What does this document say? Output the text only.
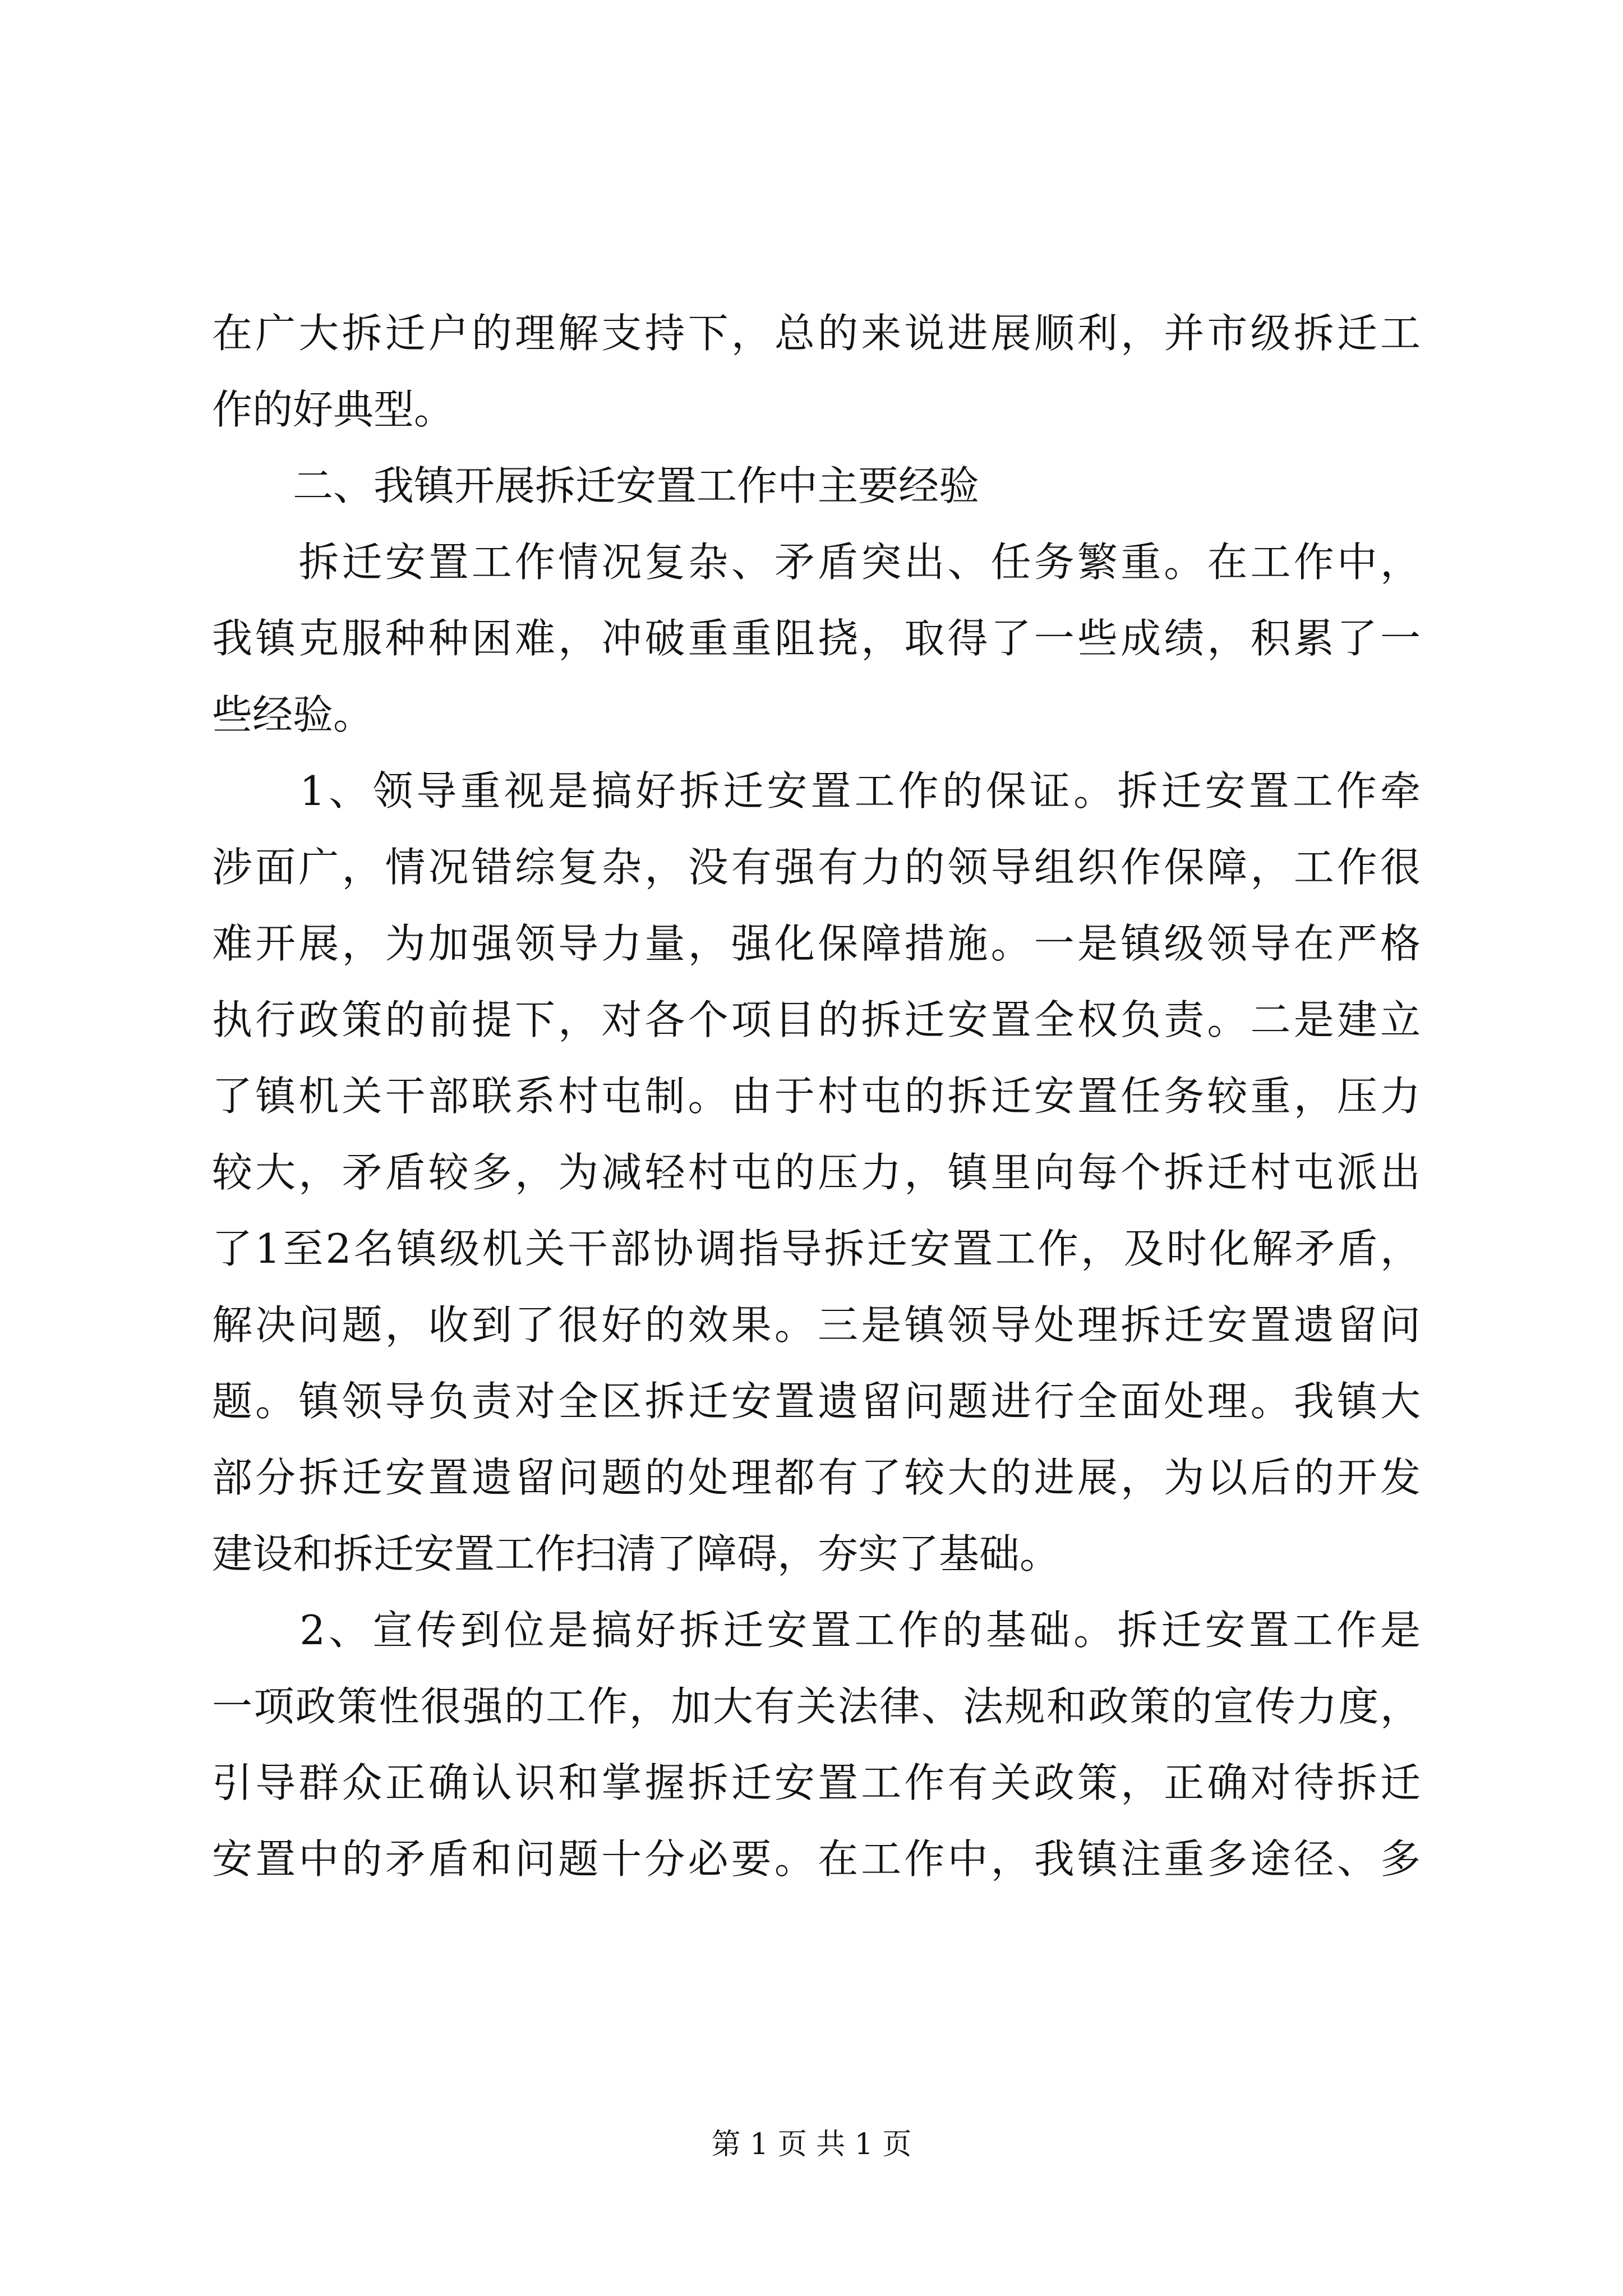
在广大拆迁户的理解支持下，总的来说进展顺利，并市级拆迁工
作的好典型。
　　二、我镇开展拆迁安置工作中主要经验
　　拆迁安置工作情况复杂、矛盾突出、任务繁重。在工作中，
我镇克服种种困难，冲破重重阻挠，取得了一些成绩，积累了一
些经验。
　　1、领导重视是搞好拆迁安置工作的保证。拆迁安置工作牵
涉面广，情况错综复杂，没有强有力的领导组织作保障，工作很
难开展，为加强领导力量，强化保障措施。一是镇级领导在严格
执行政策的前提下，对各个项目的拆迁安置全权负责。二是建立
了镇机关干部联系村屯制。由于村屯的拆迁安置任务较重，压力
较大，矛盾较多，为减轻村屯的压力，镇里向每个拆迁村屯派出
了1至2名镇级机关干部协调指导拆迁安置工作，及时化解矛盾，
解决问题，收到了很好的效果。三是镇领导处理拆迁安置遗留问
题。镇领导负责对全区拆迁安置遗留问题进行全面处理。我镇大
部分拆迁安置遗留问题的处理都有了较大的进展，为以后的开发
建设和拆迁安置工作扫清了障碍，夯实了基础。
　　2、宣传到位是搞好拆迁安置工作的基础。拆迁安置工作是
一项政策性很强的工作，加大有关法律、法规和政策的宣传力度，
引导群众正确认识和掌握拆迁安置工作有关政策，正确对待拆迁
安置中的矛盾和问题十分必要。在工作中，我镇注重多途径、多
第 1 页 共 1 页
